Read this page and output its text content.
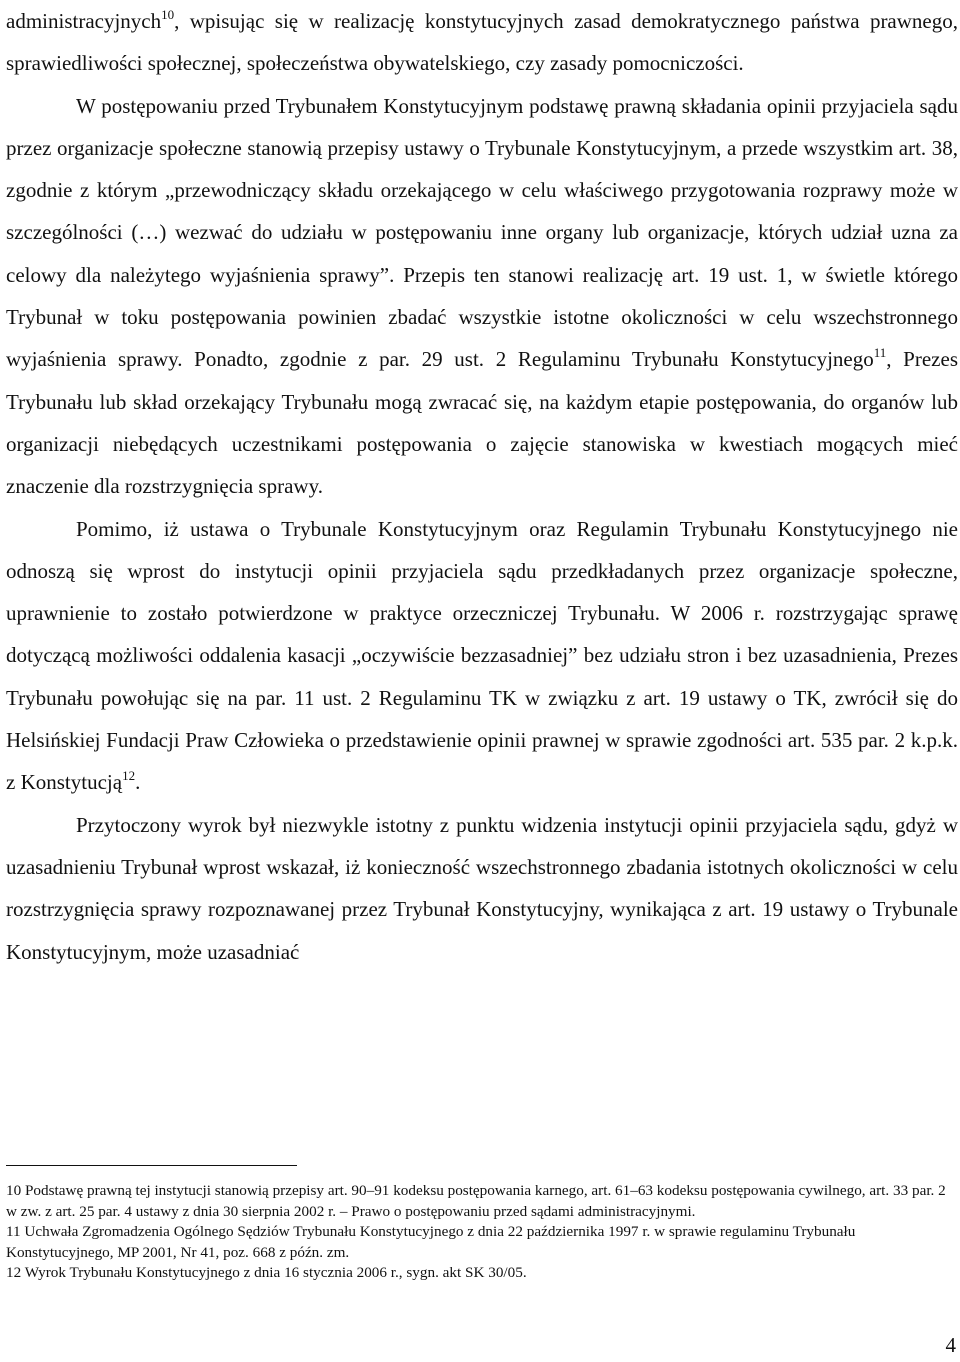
administracyjnych$^{10}$, wpisując się w realizację konstytucyjnych zasad demokratycznego państwa prawnego, sprawiedliwości społecznej, społeczeństwa obywatelskiego, czy zasady pomocniczości.

W postępowaniu przed Trybunałem Konstytucyjnym podstawę prawną składania opinii przyjaciela sądu przez organizacje społeczne stanowią przepisy ustawy o Trybunale Konstytucyjnym, a przede wszystkim art. 38, zgodnie z którym „przewodniczący składu orzekającego w celu właściwego przygotowania rozprawy może w szczególności (…) wezwać do udziału w postępowaniu inne organy lub organizacje, których udział uzna za celowy dla należytego wyjaśnienia sprawy”. Przepis ten stanowi realizację art. 19 ust. 1, w świetle którego Trybunał w toku postępowania powinien zbadać wszystkie istotne okoliczności w celu wszechstronnego wyjaśnienia sprawy. Ponadto, zgodnie z par. 29 ust. 2 Regulaminu Trybunału Konstytucyjnego$^{11}$, Prezes Trybunału lub skład orzekający Trybunału mogą zwracać się, na każdym etapie postępowania, do organów lub organizacji niebędących uczestnikami postępowania o zajęcie stanowiska w kwestiach mogących mieć znaczenie dla rozstrzygnięcia sprawy.

Pomimo, iż ustawa o Trybunale Konstytucyjnym oraz Regulamin Trybunału Konstytucyjnego nie odnoszą się wprost do instytucji opinii przyjaciela sądu przedkładanych przez organizacje społeczne, uprawnienie to zostało potwierdzone w praktyce orzeczniczej Trybunału. W 2006 r. rozstrzygając sprawę dotyczącą możliwości oddalenia kasacji „oczywiście bezzasadniej” bez udziału stron i bez uzasadnienia, Prezes Trybunału powołując się na par. 11 ust. 2 Regulaminu TK w związku z art. 19 ustawy o TK, zwrócił się do Helsińskiej Fundacji Praw Człowieka o przedstawienie opinii prawnej w sprawie zgodności art. 535 par. 2 k.p.k. z Konstytucją$^{12}$.

Przytoczony wyrok był niezwykle istotny z punktu widzenia instytucji opinii przyjaciela sądu, gdyż w uzasadnieniu Trybunał wprost wskazał, iż konieczność wszechstronnego zbadania istotnych okoliczności w celu rozstrzygnięcia sprawy rozpoznawanej przez Trybunał Konstytucyjny, wynikająca z art. 19 ustawy o Trybunale Konstytucyjnym, może uzasadniać

10 Podstawę prawną tej instytucji stanowią przepisy art. 90–91 kodeksu postępowania karnego, art. 61–63 kodeksu postępowania cywilnego, art. 33 par. 2 w zw. z art. 25 par. 4 ustawy z dnia 30 sierpnia 2002 r. – Prawo o postępowaniu przed sądami administracyjnymi.

11 Uchwała Zgromadzenia Ogólnego Sędziów Trybunału Konstytucyjnego z dnia 22 października 1997 r. w sprawie regulaminu Trybunału Konstytucyjnego, MP 2001, Nr 41, poz. 668 z późn. zm.

12 Wyrok Trybunału Konstytucyjnego z dnia 16 stycznia 2006 r., sygn. akt SK 30/05.

4
